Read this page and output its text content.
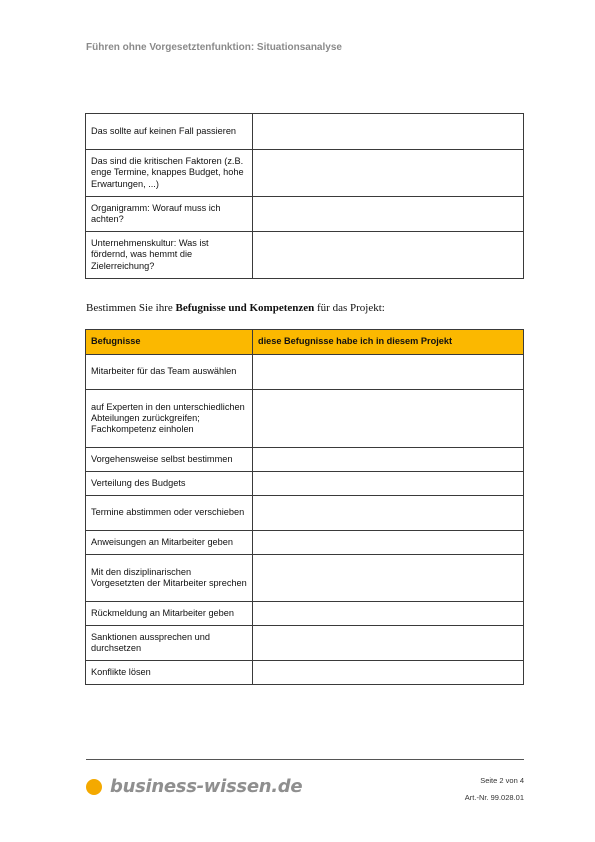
Führen ohne Vorgesetztenfunktion: Situationsanalyse
Das sollte auf keinen Fall passieren	
Das sind die kritischen Faktoren (z.B. enge Termine, knappes Budget, hohe Erwartungen, ...)	
Organigramm: Worauf muss ich achten?	
Unternehmenskultur: Was ist fördernd, was hemmt die Zielerreichung?	
Bestimmen Sie ihre Befugnisse und Kompetenzen für das Projekt:
Befugnisse	diese Befugnisse habe ich in diesem Projekt
Mitarbeiter für das Team auswählen	
auf Experten in den unterschiedlichen Abteilungen zurückgreifen; Fachkompetenz einholen	
Vorgehensweise selbst bestimmen	
Verteilung des Budgets	
Termine abstimmen oder verschieben	
Anweisungen an Mitarbeiter geben	
Mit den disziplinarischen Vorgesetzten der Mitarbeiter sprechen	
Rückmeldung an Mitarbeiter geben	
Sanktionen aussprechen und durchsetzen	
Konflikte lösen	
business-wissen.de	Seite 2 von 4
Art.-Nr. 99.028.01
